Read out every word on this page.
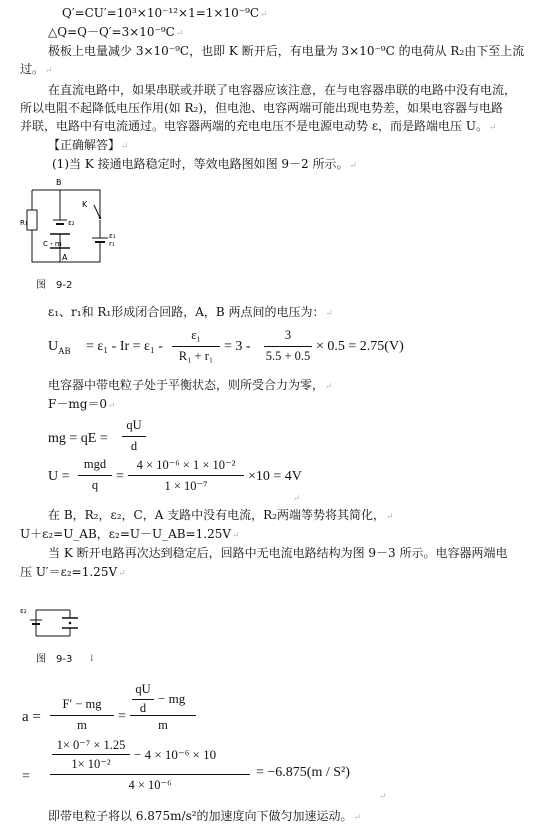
Q′=CU′=10³×10⁻¹²×1=1×10⁻⁹C↵
△Q=Q－Q′=3×10⁻⁹C↵
极板上电量减少 3×10⁻⁹C，也即 K 断开后，有电量为 3×10⁻⁹C 的电荷从 R₂由下至上流
过。↵
在直流电路中，如果串联或并联了电容器应该注意，在与电容器串联的电路中没有电流，
所以电阻不起降低电压作用(如 R₂)，但电池、电容两端可能出现电势差，如果电容器与电路
并联，电路中有电流通过。电容器两端的充电电压不是电源电动势 ε，而是路端电压 U。↵
【正确解答】↵
(1)当 K 接通电路稳定时，等效电路图如图 9－2 所示。↵
B
R₁	ε₂
K
ε₁
r₁
C・m
A
图　9-2
ε₁、r₁和 R₁形成闭合回路，A，B 两点间的电压为：↵
$U_{AB} = \varepsilon_1 - Ir = \varepsilon_1$ -
ε₁
R₁ + r₁
= 3 -
3
5.5 + 0.5
× 0.5 = 2.75(V)
电容器中带电粒子处于平衡状态，则所受合力为零，↵
F－mg＝0↵
mg = qE =
qU
d
U =
mgd
q
=
4 × 10⁻⁶ × 1 × 10⁻²
1 × 10⁻⁷
×10 = 4V
↵
在 B，R₂，ε₂，C，A 支路中没有电流，R₂两端等势将其简化，↵
U＋ε₂=U_AB，ε₂=U－U_AB=1.25V↵
当 K 断开电路再次达到稳定后，回路中无电流电路结构为图 9－3 所示。电容器两端电
压 U′＝ε₂=1.25V↵
ε₂
图　9-3 ↓
a =
F′ − mg
m
=
qU
d
− mg
m
=
1× 0⁻⁷ × 1.25
1× 10⁻²
− 4 × 10⁻⁶ × 10
4 × 10⁻⁶
= −6.875(m / S²)
↵
即带电粒子将以 6.875m/s²的加速度向下做匀加速运动。↵
